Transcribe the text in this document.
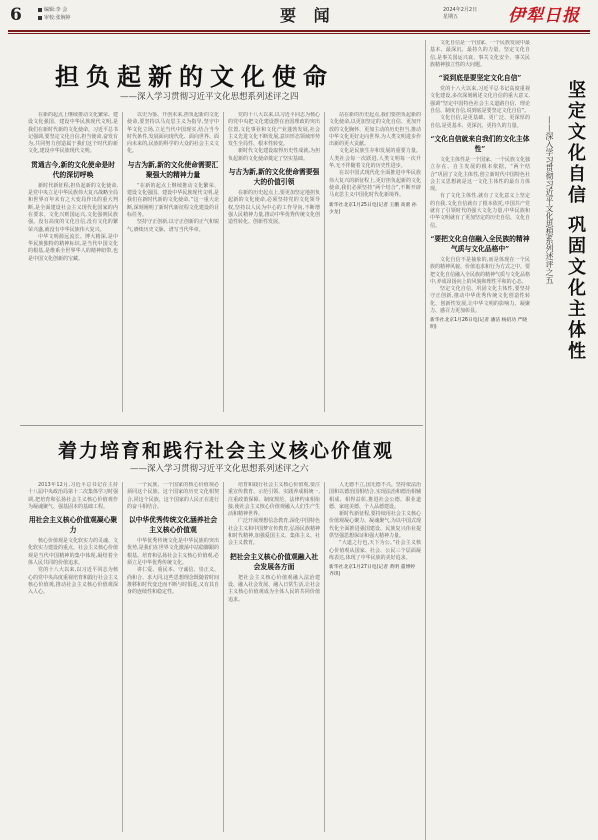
6	编辑:李 会
审校:张婉婷	要 闻	2024年2月2日
星期五	伊犁日报
担负起新的文化使命
——深入学习贯彻习近平文化思想系列述评之四

在新的起点上继续推动文化繁荣、建设文化强国、建设中华民族现代文明,是我们在新时代新的文化使命。习近平总书记强调,要坚定文化自信,担当使命,奋发有为,共同努力创造属于我们这个时代的新文化,建设中华民族现代文明。

贯通古今,新的文化使命是时代的深切呼唤

新时代新征程,担负起新的文化使命,是党中央立足中华民族伟大复兴战略全局和世界百年未有之大变局作出的重大判断,是全面建设社会主义现代化国家的内在要求。文化兴则国运兴,文化强则民族强。没有高度的文化自信,没有文化的繁荣兴盛,就没有中华民族伟大复兴。

中华文明源远流长、博大精深,是中华民族独特的精神标识,是当代中国文化的根基,是维系全世界华人的精神纽带,也是中国文化创新的宝藏。

以史为鉴、开创未来,担负起新的文化使命,要坚持以马克思主义为指导,坚守中华文化立场,立足当代中国现实,结合当今时代条件,发展面向现代化、面向世界、面向未来的,民族的科学的大众的社会主义文化。

与古为新,新的文化使命需要汇聚强大的精神力量

“在新的起点上继续推动文化繁荣、建设文化强国、建设中华民族现代文明,是我们在新时代新的文化使命。”这一重大论断,深刻阐明了新时代新征程文化建设的目标任务。

坚持守正创新,以守正创新的正气和锐气,赓续历史文脉、谱写当代华章。

党的十八大以来,以习近平同志为核心的党中央把文化建设摆在治国理政的突出位置,文化事业和文化产业蓬勃发展,社会主义先进文化不断发展,意识形态领域形势发生全局性、根本性转变。

新时代文化建设取得历史性成就,为担负起新的文化使命奠定了坚实基础。

与古为新,新的文化使命需要强大的价值引领

在新的历史起点上,要更加坚定地担负起新的文化使命,必须坚持党的文化领导权,坚持以人民为中心的工作导向,不断增强人民精神力量,推动中华优秀传统文化创造性转化、创新性发展。

站在新的历史起点,我们要担负起新的文化使命,以更加坚定的文化自信、更加开放的文化胸怀、更加主动的历史担当,推动中华文化更好走向世界,为人类文明进步作出新的更大贡献。

文化是民族生存和发展的重要力量。人类社会每一次跃进,人类文明每一次升华,无不伴随着文化的历史性进步。

在以中国式现代化全面推进中华民族伟大复兴的新征程上,更好担负起新的文化使命,我们必须坚持“两个结合”,不断开辟马克思主义中国化时代化新境界。

新华社北京1月25日电(记者 王鹏 高蕾 孙少龙)

坚定文化自信
巩固文化主体性
——深入学习贯彻习近平文化思想系列述评之五

文化自信是一个国家、一个民族发展中最基本、最深沉、最持久的力量。坚定文化自信,是事关国运兴衰、事关文化安全、事关民族精神独立性的大问题。

“说到底是要坚定文化自信”

党的十八大以来,习近平总书记高度重视文化建设,多次深刻阐述文化自信的重大意义,强调“坚定中国特色社会主义道路自信、理论自信、制度自信,说到底是要坚定文化自信”。

文化自信,是更基础、更广泛、更深厚的自信,是更基本、更深沉、更持久的力量。

“文化自信就来自我们的文化主体性”

文化主体性是一个国家、一个民族文化独立存在、自主发展的根本依据。“两个结合”巩固了文化主体性,创立新时代中国特色社会主义思想就是这一文化主体性的最有力体现。

有了文化主体性,就有了文化意义上坚定的自我,文化自信就有了根本依托,中国共产党就有了引领时代的强大文化力量,中华民族和中华文明就有了更加坚定的历史自信、文化自信。

“要把文化自信融入全民族的精神气质与文化品格中”

文化自信不是抽象的,而是体现在一个民族的精神风貌、价值追求和行为方式之中。要把文化自信融入全民族的精神气质与文化品格中,养成昂扬向上的风貌和理性平和的心态。

坚定文化自信、巩固文化主体性,要坚持守正创新,推动中华优秀传统文化创造性转化、创新性发展,让中华文明的影响力、凝聚力、感召力更加彰显。

新华社北京1月26日电(记者 潘洁 杨绍功 严晓明)

着力培育和践行社会主义核心价值观
——深入学习贯彻习近平文化思想系列述评之六

2013年12月,习近平总书记在主持十八届中央政治局第十二次集体学习时强调,把培育和弘扬社会主义核心价值观作为凝魂聚气、强基固本的基础工程。

用社会主义核心价值观凝心聚力

核心价值观是文化软实力的灵魂、文化软实力建设的重点。社会主义核心价值观是当代中国精神的集中体现,凝结着全体人民共同的价值追求。

党的十八大以来,以习近平同志为核心的党中央高度重视培育和践行社会主义核心价值观,推动社会主义核心价值观深入人心。

一个民族、一个国家的核心价值观必须同这个民族、这个国家的历史文化相契合,同这个民族、这个国家的人民正在进行的奋斗相结合。

以中华优秀传统文化涵养社会主义核心价值观

中华优秀传统文化是中华民族的突出优势,是我们在世界文化激荡中站稳脚跟的根基。培育和弘扬社会主义核心价值观,必须立足中华优秀传统文化。

讲仁爱、重民本、守诚信、崇正义、尚和合、求大同,这些思想理念既随着时间推移和时代变迁而不断与时俱进,又有其自身的连续性和稳定性。

培育和践行社会主义核心价值观,要注重宣传教育、示范引领、实践养成相统一,注重政策保障、制度规范、法律约束相衔接,使社会主义核心价值观融入人们生产生活和精神世界。

广泛开展理想信念教育,深化中国特色社会主义和中国梦宣传教育,弘扬民族精神和时代精神,加强爱国主义、集体主义、社会主义教育。

把社会主义核心价值观融入社会发展各方面

把社会主义核心价值观融入法治建设、融入社会发展、融入日常生活,让社会主义核心价值观成为全体人民的共同价值追求。

人无德不立,国无德不兴。坚持依法治国和以德治国相结合,实现法治和德治相辅相成、相得益彰,推进社会公德、职业道德、家庭美德、个人品德建设。

新时代新征程,要持续用社会主义核心价值观凝心聚力、凝魂聚气,为以中国式现代化全面推进强国建设、民族复兴伟业提供坚强思想保证和强大精神力量。

“大道之行也,天下为公。”社会主义核心价值观从国家、社会、公民三个层面凝练表达,体现了中华民族的美好追求。

新华社北京1月27日电(记者 黄明 董博婷 齐琪)
